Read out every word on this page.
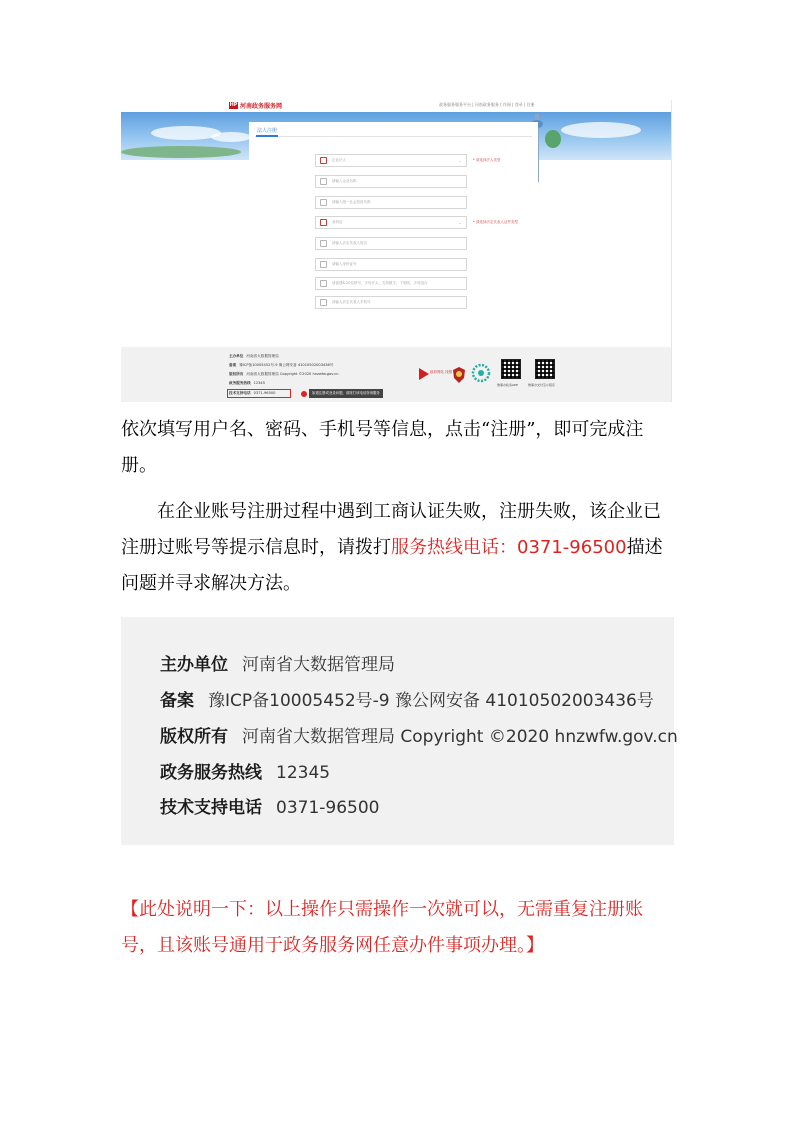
HP 河南政务服务网	政务服务服务平台 | 河南政务服务工作网 | 登录 | 注册
法人注册
企业法人	⌄	* 请选择法人类型
请输入企业名称
请输入统一社会信用代码
身份证	⌄	* 请选择法定代表人证件类型
请输入法定代表人姓名
请输入身份证号
请创建6-20位账号，字母开头，支持数字、下划线、字母组合
请输入法定代表人手机号
主办单位 河南省大数据管理局
备案 豫ICP备10005452号-9 豫公网安备 41010502003436号
版权所有 河南省大数据管理局 Copyright ©2020 hnzwfw.gov.cn
政务服务热线 12345
技术支持电话 0371-96500	如遇注册或登录问题，请拨打该电话咨询服务
政府网站 找错
豫事办政务APP	豫事办支付宝小程序
依次填写用户名、密码、手机号等信息，点击“注册”，即可完成注册。
在企业账号注册过程中遇到工商认证失败，注册失败，该企业已注册过账号等提示信息时，请拨打服务热线电话：0371-96500描述问题并寻求解决方法。
主办单位 河南省大数据管理局
备案 豫ICP备10005452号-9 豫公网安备 41010502003436号
版权所有 河南省大数据管理局 Copyright ©2020 hnzwfw.gov.cn
政务服务热线 12345
技术支持电话 0371-96500
【此处说明一下：以上操作只需操作一次就可以，无需重复注册账号，且该账号通用于政务服务网任意办件事项办理。】
